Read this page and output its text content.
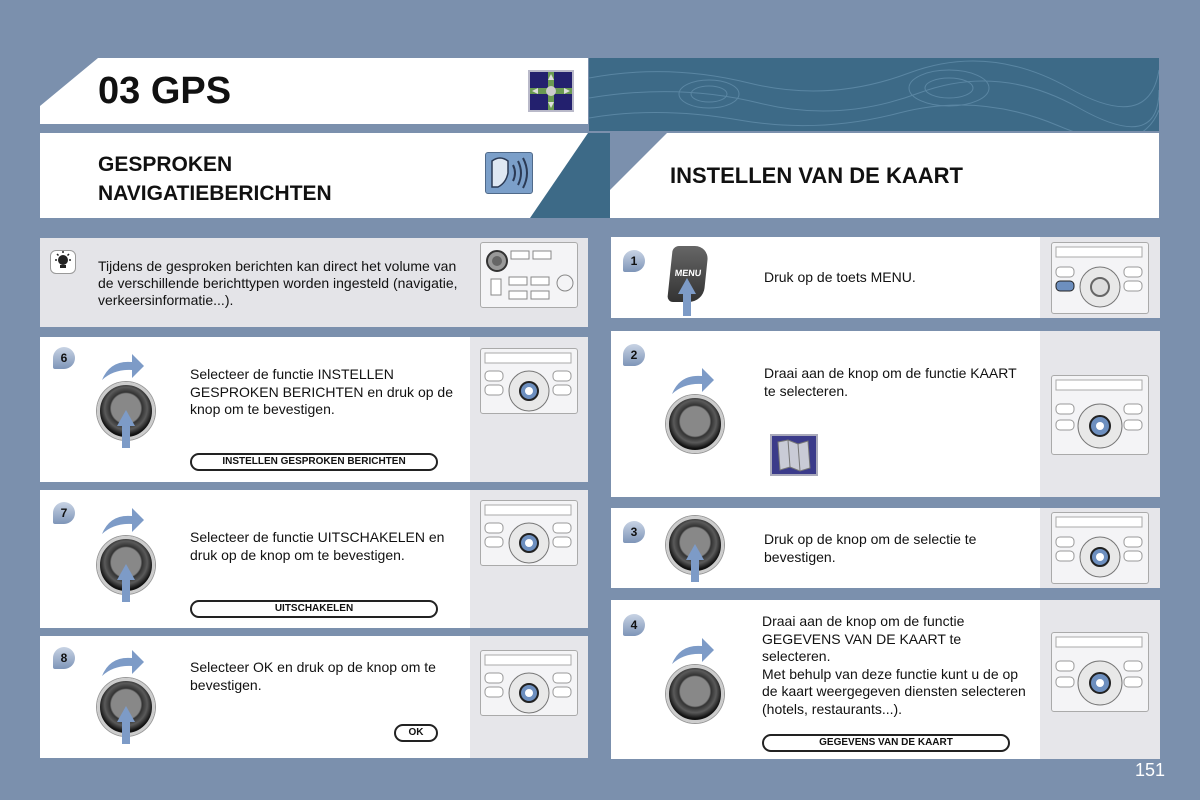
03 GPS
GESPROKEN
NAVIGATIEBERICHTEN
INSTELLEN VAN DE KAART
Tijdens de gesproken berichten kan direct het volume van de verschillende berichttypen worden ingesteld (navigatie, verkeersinformatie...).
6
Selecteer de functie INSTELLEN GESPROKEN BERICHTEN en druk op de knop om te bevestigen.
INSTELLEN GESPROKEN BERICHTEN
7
Selecteer de functie UITSCHAKELEN en druk op de knop om te bevestigen.
UITSCHAKELEN
8
Selecteer OK en druk op de knop om te bevestigen.
OK
1
MENU	Druk op de toets MENU.
2
Draai aan de knop om de functie KAART te selecteren.
3	Druk op de knop om de selectie te bevestigen.
4	Draai aan de knop om de functie GEGEVENS VAN DE KAART te selecteren.
Met behulp van deze functie kunt u de op de kaart weergegeven diensten selecteren (hotels, restaurants...).
GEGEVENS VAN DE KAART
151
